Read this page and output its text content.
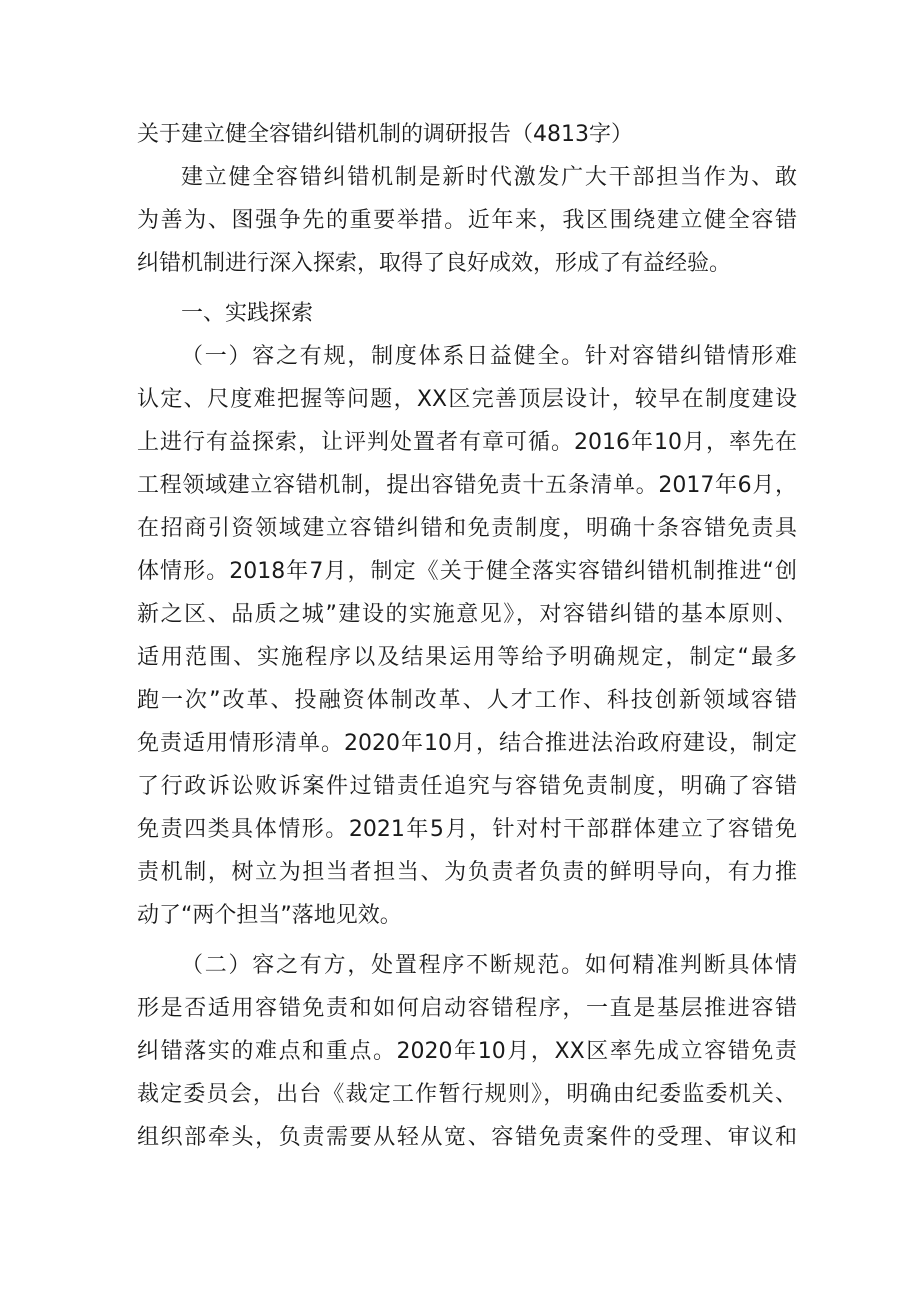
关于建立健全容错纠错机制的调研报告（4813字）
建立健全容错纠错机制是新时代激发广大干部担当作为、敢
为善为、图强争先的重要举措。近年来，我区围绕建立健全容错
纠错机制进行深入探索，取得了良好成效，形成了有益经验。
一、实践探索
（一）容之有规，制度体系日益健全。针对容错纠错情形难
认定、尺度难把握等问题，XX区完善顶层设计，较早在制度建设
上进行有益探索，让评判处置者有章可循。2016年10月，率先在
工程领域建立容错机制，提出容错免责十五条清单。2017年6月，
在招商引资领域建立容错纠错和免责制度，明确十条容错免责具
体情形。2018年7月，制定《关于健全落实容错纠错机制推进“创
新之区、品质之城”建设的实施意见》，对容错纠错的基本原则、
适用范围、实施程序以及结果运用等给予明确规定，制定“最多
跑一次”改革、投融资体制改革、人才工作、科技创新领域容错
免责适用情形清单。2020年10月，结合推进法治政府建设，制定
了行政诉讼败诉案件过错责任追究与容错免责制度，明确了容错
免责四类具体情形。2021年5月，针对村干部群体建立了容错免
责机制，树立为担当者担当、为负责者负责的鲜明导向，有力推
动了“两个担当”落地见效。
（二）容之有方，处置程序不断规范。如何精准判断具体情
形是否适用容错免责和如何启动容错程序，一直是基层推进容错
纠错落实的难点和重点。2020年10月，XX区率先成立容错免责
裁定委员会，出台《裁定工作暂行规则》，明确由纪委监委机关、
组织部牵头，负责需要从轻从宽、容错免责案件的受理、审议和
